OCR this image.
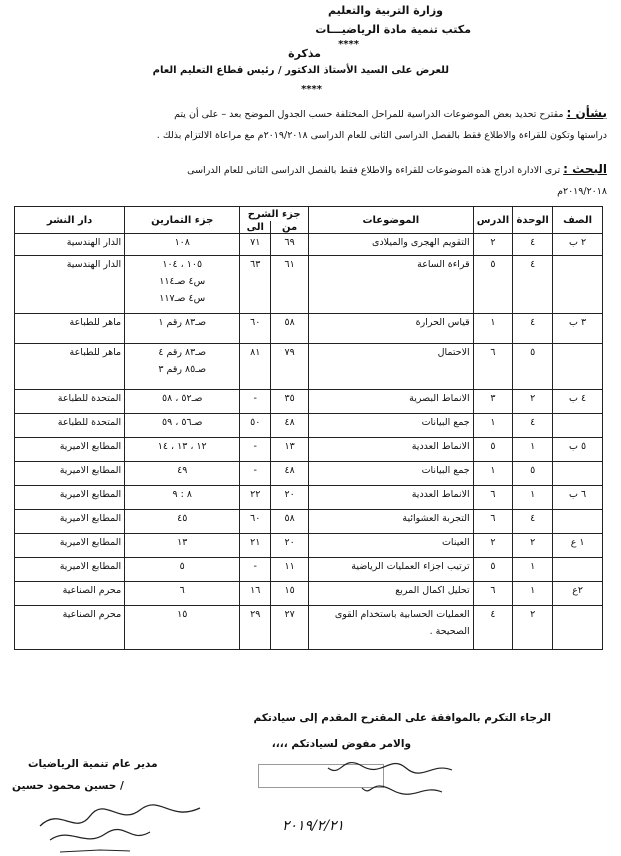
وزارة التربية والتعليم
مكتب تنمية مادة الرياضيـــات
****
مذكرة
للعرض على السيد الأستاذ الدكتور / رئيس قطاع التعليم العام
****
بشأن : مقترح تحديد بعض الموضوعات الدراسية للمراحل المختلفة حسب الجدول الموضح بعد – على أن يتم
دراستها وتكون للقراءة والاطلاع فقط بالفصل الدراسى الثانى للعام الدراسى ٢٠١٩/٢٠١٨م مع مراعاة الالتزام بذلك .
البحث : ترى الادارة ادراج هذه الموضوعات للقراءة والاطلاع فقط بالفصل الدراسى الثانى للعام الدراسى
٢٠١٩/٢٠١٨م
الصف	الوحدة	الدرس	الموضوعات	جزء الشرح		جزء التمارين	دار النشر
				من	الى		

٢ ب	٤	٢	التقويم الهجرى والميلادى	٦٩	٧١	١٠٨	الدار الهندسية

	٤	٥	قراءة الساعة	٦١	٦٣	١٠٥ ، ١٠٤
س٤ صـ١١٤
س٤ صـ١١٧	الدار الهندسية

٣ ب	٤	١	قياس الحرارة	٥٨	٦٠	صـ٨٣ رقم ١	ماهر للطباعة

	٥	٦	الاحتمال	٧٩	٨١	صـ٨٣ رقم ٤
صـ٨٥ رقم ٣	ماهر للطباعة

٤ ب	٢	٣	الانماط البصرية	٣٥	-	صـ٥٢ ، ٥٨	المتحدة للطباعة

	٤	١	جمع البيانات	٤٨	٥٠	صـ٥٦ ، ٥٩	المتحدة للطباعة

٥ ب	١	٥	الانماط العددية	١٣	-	١٢ ، ١٣ ، ١٤	المطابع الاميرية

	٥	١	جمع البيانات	٤٨	-	٤٩	المطابع الاميرية

٦ ب	١	٦	الانماط العددية	٢٠	٢٢	٨ : ٩	المطابع الاميرية

	٤	٦	التجربة العشوائية	٥٨	٦٠	٤٥	المطابع الاميرية

١ ع	٢	٢	العينات	٢٠	٢١	١٣	المطابع الاميرية

	١	٥	ترتيب اجزاء العمليات الرياضية	١١	-	٥	المطابع الاميرية

٢ع	١	٦	تحليل اكمال المربع	١٥	١٦	٦	محرم الصناعية

	٢	٤	العمليات الحسابية باستخدام القوى الصحيحة .	٢٧	٢٩	١٥	محرم الصناعية
الرجاء التكرم بالموافقة على المقترح المقدم إلى سيادتكم
والامر مفوض لسيادتكم ،،،،
مدير عام تنمية الرياضيات
/ حسين محمود حسين
٢٠١٩/٢/٢١
